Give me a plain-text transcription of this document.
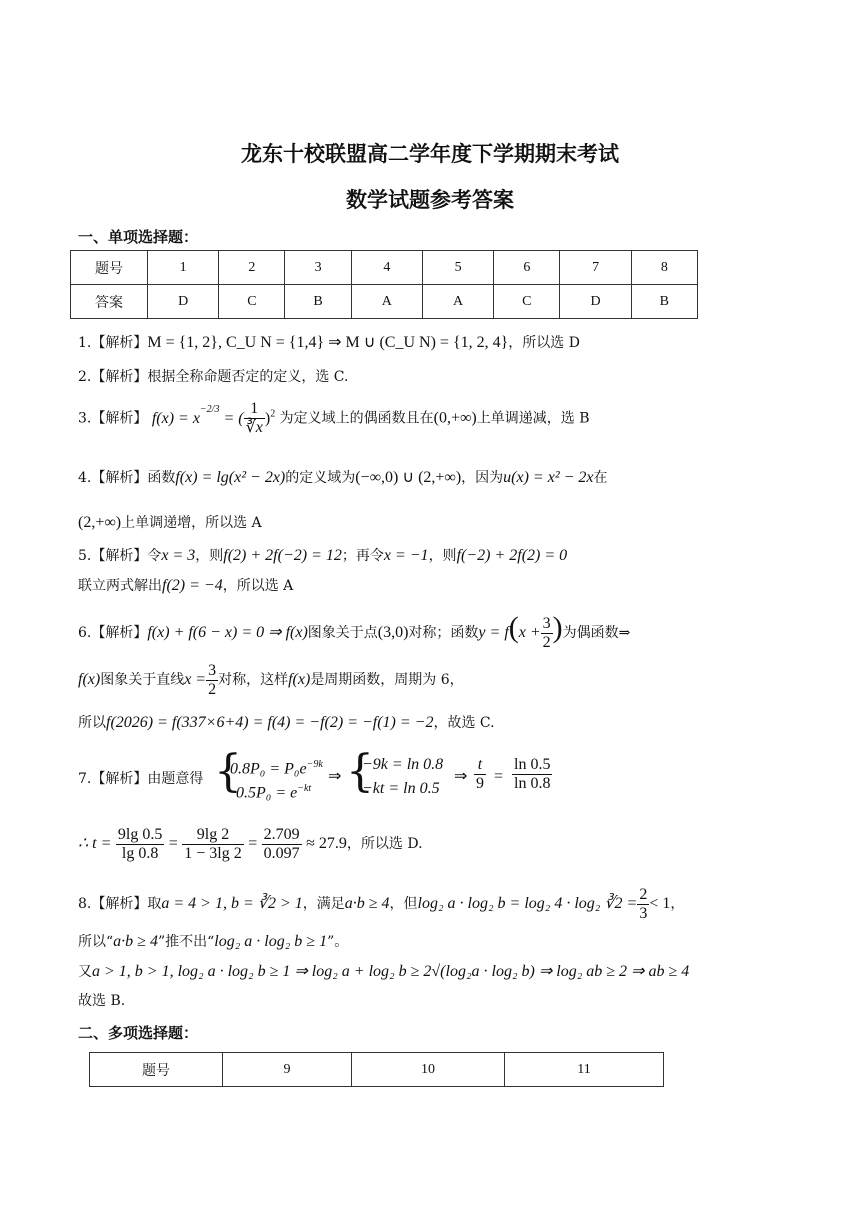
龙东十校联盟高二学年度下学期期末考试
数学试题参考答案
一、单项选择题：
题号	1	2	3	4	5	6	7	8
答案	D	C	B	A	A	C	D	B
1.【解析】M = {1, 2}, C_U N = {1,4} ⇒ M ∪ (C_U N) = {1, 2, 4}，所以选 D
2.【解析】根据全称命题否定的定义，选 C.
3.【解析】 $f(x) = x^{-2/3}$ = ( $\frac{1}{∛x} )^2$ 为定义域上的偶函数且在(0,+∞)上单调递减，选 B
4.【解析】函数f(x) = lg(x² − 2x)的定义域为(−∞,0) ∪ (2,+∞)，因为u(x) = x² − 2x在
(2,+∞)上单调递增，所以选 A
5.【解析】令x = 3，则f(2) + 2f(−2) = 12；再令x = −1，则f(−2) + 2f(2) = 0
联立两式解出f(2) = −4，所以选 A
6.【解析】f(x) + f(6 − x) = 0 ⇒ f(x)图象关于点(3,0)对称；函数$y = f(x + \frac{3}{2}$ )为偶函数⇒
f(x)图象关于直线$x = \frac{3}{2}$ 对称，这样f(x)是周期函数，周期为 6，
所以f(2026) = f(337×6+4) = f(4) = −f(2) = −f(1) = −2，故选 C.
7.【解析】由题意得 {
$0.8P_0 = P_0e^{-9k}$
$0.5P_0 = e^{-kt}$
⇒ {
−9k = ln 0.8
−kt = ln 0.5
⇒ $\frac{t}{9} = \frac{\ln 0.5}{\ln 0.8}$
∴ $t = \frac{9\lg 0.5}{\lg 0.8} = \frac{9\lg 2}{1 - 3\lg 2} = \frac{2.709}{0.097} \approx 27.9$，所以选 D.
8.【解析】取a = 4 > 1, b = ∛2 > 1，满足a·b ≥ 4，但log₂ a · log₂ b = log₂ 4 · log₂ ∛2 = $\frac{2}{3} < 1$，
所以“a·b ≥ 4”推不出“log₂ a · log₂ b ≥ 1”。
又a > 1, b > 1, log₂ a · log₂ b ≥ 1 ⇒ log₂ a + log₂ b ≥ 2√(log₂a · log₂ b) ⇒ log₂ ab ≥ 2 ⇒ ab ≥ 4
故选 B.
二、多项选择题：
题号	9	10	11
